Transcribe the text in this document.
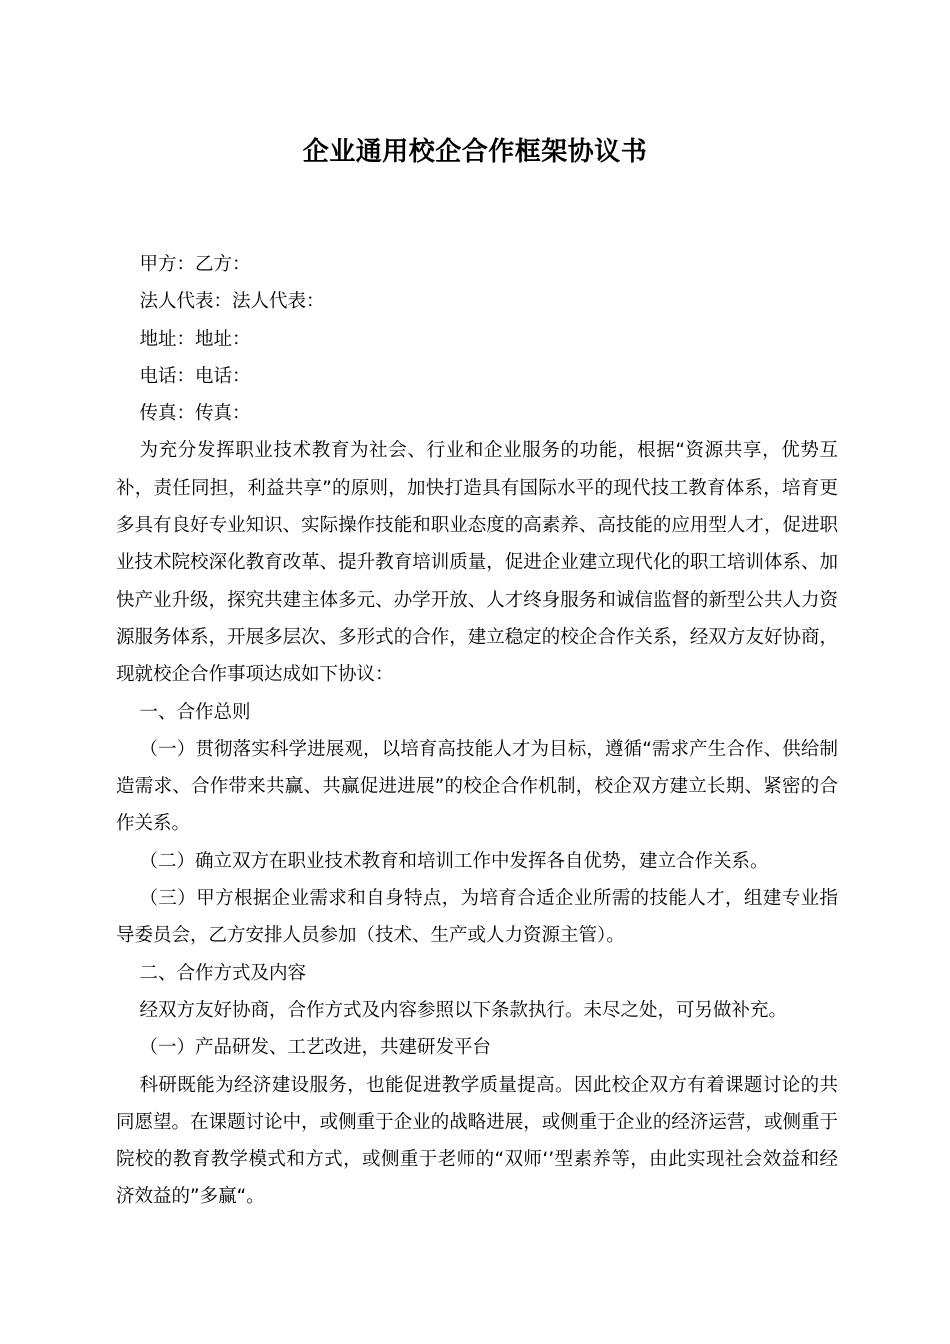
企业通用校企合作框架协议书

甲方：乙方：

法人代表：法人代表：

地址：地址：

电话：电话：

传真：传真：

为充分发挥职业技术教育为社会、行业和企业服务的功能，根据“资源共享，优势互补，责任同担，利益共享”的原则，加快打造具有国际水平的现代技工教育体系，培育更多具有良好专业知识、实际操作技能和职业态度的高素养、高技能的应用型人才，促进职业技术院校深化教育改革、提升教育培训质量，促进企业建立现代化的职工培训体系、加快产业升级，探究共建主体多元、办学开放、人才终身服务和诚信监督的新型公共人力资源服务体系，开展多层次、多形式的合作，建立稳定的校企合作关系，经双方友好协商，现就校企合作事项达成如下协议：

一、合作总则

（一）贯彻落实科学进展观，以培育高技能人才为目标，遵循“需求产生合作、供给制造需求、合作带来共赢、共赢促进进展”的校企合作机制，校企双方建立长期、紧密的合作关系。

（二）确立双方在职业技术教育和培训工作中发挥各自优势，建立合作关系。

（三）甲方根据企业需求和自身特点，为培育合适企业所需的技能人才，组建专业指导委员会，乙方安排人员参加（技术、生产或人力资源主管）。

二、合作方式及内容

经双方友好协商，合作方式及内容参照以下条款执行。未尽之处，可另做补充。

（一）产品研发、工艺改进，共建研发平台

科研既能为经济建设服务，也能促进教学质量提高。因此校企双方有着课题讨论的共同愿望。在课题讨论中，或侧重于企业的战略进展，或侧重于企业的经济运营，或侧重于院校的教育教学模式和方式，或侧重于老师的“双师‘’型素养等，由此实现社会效益和经济效益的”多赢“。
